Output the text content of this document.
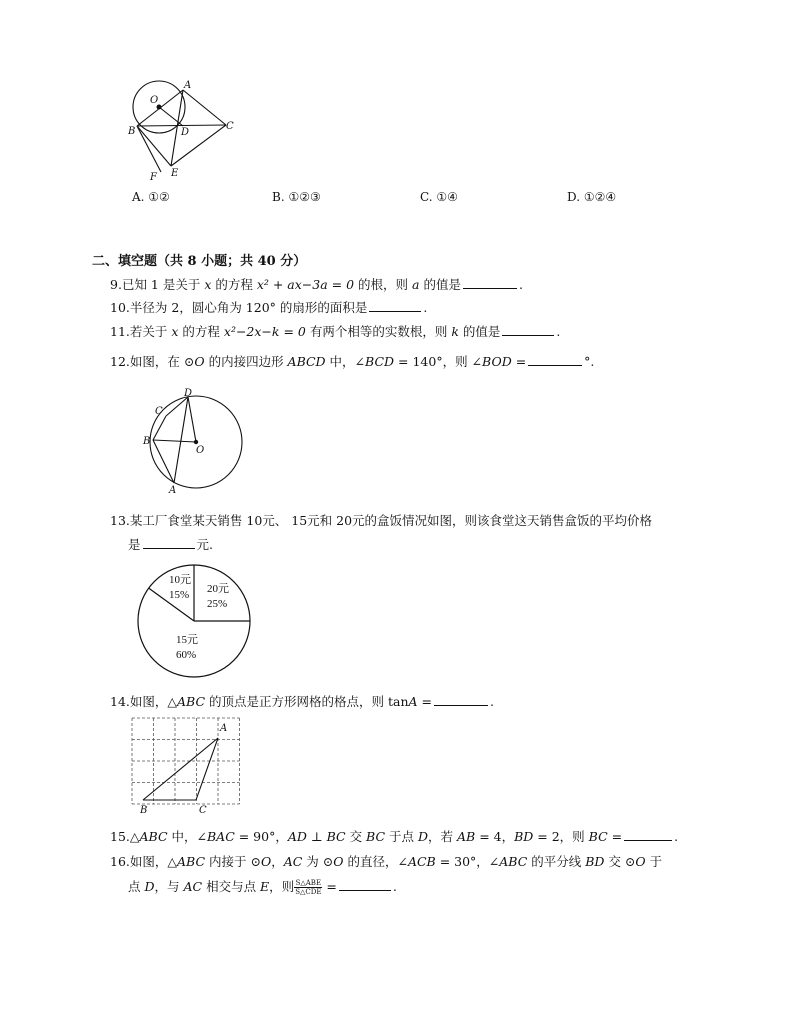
O
A
B	C
D
E
F
A. ①②	B. ①②③	C. ①④	D. ①②④
二、填空题（共 8 小题；共 40 分）
9.已知 1 是关于 x 的方程 x² + ax−3a = 0 的根，则 a 的值是	.
10.半径为 2，圆心角为 120° 的扇形的面积是	.
11.若关于 x 的方程 x²−2x−k = 0 有两个相等的实数根，则 k 的值是	.
12.如图，在 ⊙O 的内接四边形 ABCD 中，∠BCD = 140°，则 ∠BOD =	°.
D
C
B
O
A
13.某工厂食堂某天销售 10元、 15元和 20元的盒饭情况如图，则该食堂这天销售盒饭的平均价格
是	元.
10元
15% 20元
25%
15元
60%
14.如图，△ABC 的顶点是正方形网格的格点，则 tanA =	.
A
B	C
15.△ABC 中，∠BAC = 90°，AD ⊥ BC 交 BC 于点 D，若 AB = 4，BD = 2，则 BC =	.
16.如图，△ABC 内接于 ⊙O，AC 为 ⊙O 的直径，∠ACB = 30°，∠ABC 的平分线 BD 交 ⊙O 于
点 D，与 AC 相交与点 E，则 $\frac{\text{S△ABE}}{\text{S△CDE}}$ =	.
